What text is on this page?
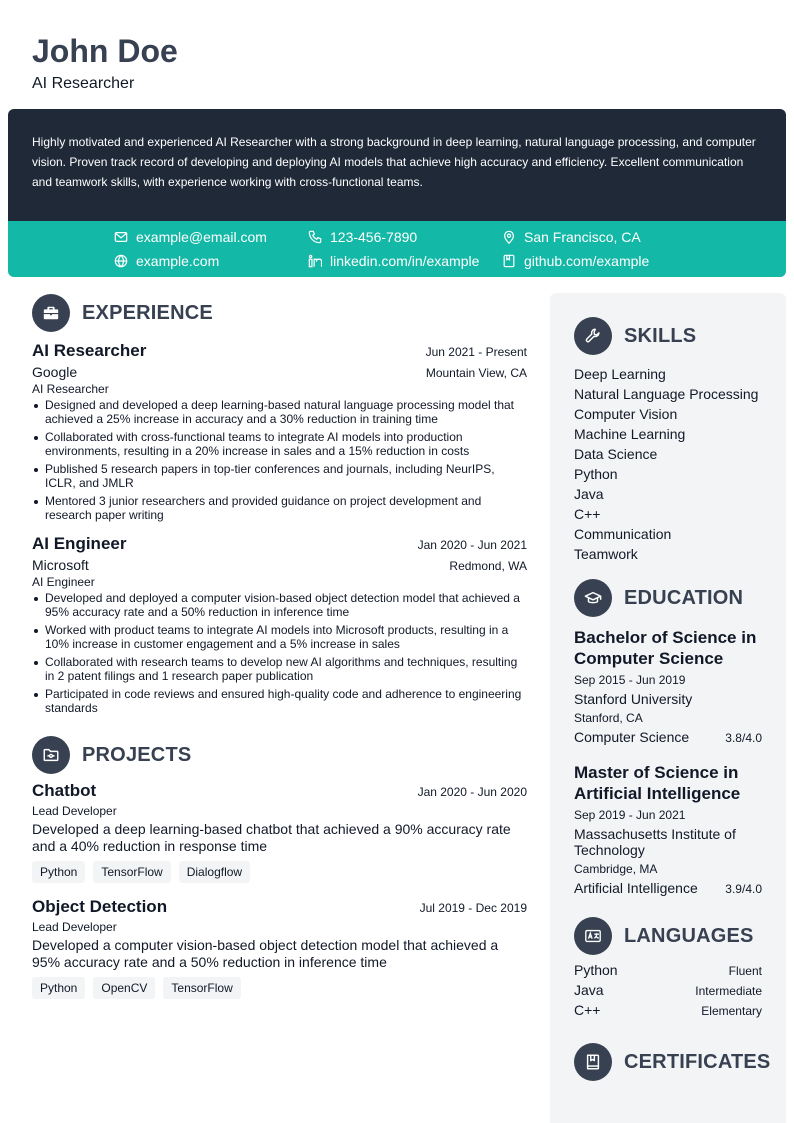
John Doe
AI Researcher

Highly motivated and experienced AI Researcher with a strong background in deep learning, natural language processing, and computer vision. Proven track record of developing and deploying AI models that achieve high accuracy and efficiency. Excellent communication and teamwork skills, with experience working with cross-functional teams.

example@email.com	123-456-7890	San Francisco, CA
example.com	linkedin.com/in/example	github.com/example
EXPERIENCE
AI Researcher	Jun 2021 - Present
Google	Mountain View, CA
AI Researcher
Designed and developed a deep learning-based natural language processing model that achieved a 25% increase in accuracy and a 30% reduction in training time
Collaborated with cross-functional teams to integrate AI models into production environments, resulting in a 20% increase in sales and a 15% reduction in costs
Published 5 research papers in top-tier conferences and journals, including NeurIPS, ICLR, and JMLR
Mentored 3 junior researchers and provided guidance on project development and research paper writing
AI Engineer	Jan 2020 - Jun 2021
Microsoft	Redmond, WA
AI Engineer
Developed and deployed a computer vision-based object detection model that achieved a 95% accuracy rate and a 50% reduction in inference time
Worked with product teams to integrate AI models into Microsoft products, resulting in a 10% increase in customer engagement and a 5% increase in sales
Collaborated with research teams to develop new AI algorithms and techniques, resulting in 2 patent filings and 1 research paper publication
Participated in code reviews and ensured high-quality code and adherence to engineering standards
PROJECTS
Chatbot	Jan 2020 - Jun 2020
Lead Developer
Developed a deep learning-based chatbot that achieved a 90% accuracy rate and a 40% reduction in response time
Python	TensorFlow	Dialogflow
Object Detection	Jul 2019 - Dec 2019
Lead Developer
Developed a computer vision-based object detection model that achieved a 95% accuracy rate and a 50% reduction in inference time
Python	OpenCV	TensorFlow
SKILLS
Deep Learning
Natural Language Processing
Computer Vision
Machine Learning
Data Science
Python
Java
C++
Communication
Teamwork
EDUCATION
Bachelor of Science in Computer Science
Sep 2015 - Jun 2019
Stanford University
Stanford, CA
Computer Science	3.8/4.0
Master of Science in Artificial Intelligence
Sep 2019 - Jun 2021
Massachusetts Institute of Technology
Cambridge, MA
Artificial Intelligence 3.9/4.0
LANGUAGES
Python	Fluent
Java	Intermediate
C++	Elementary
CERTIFICATES
